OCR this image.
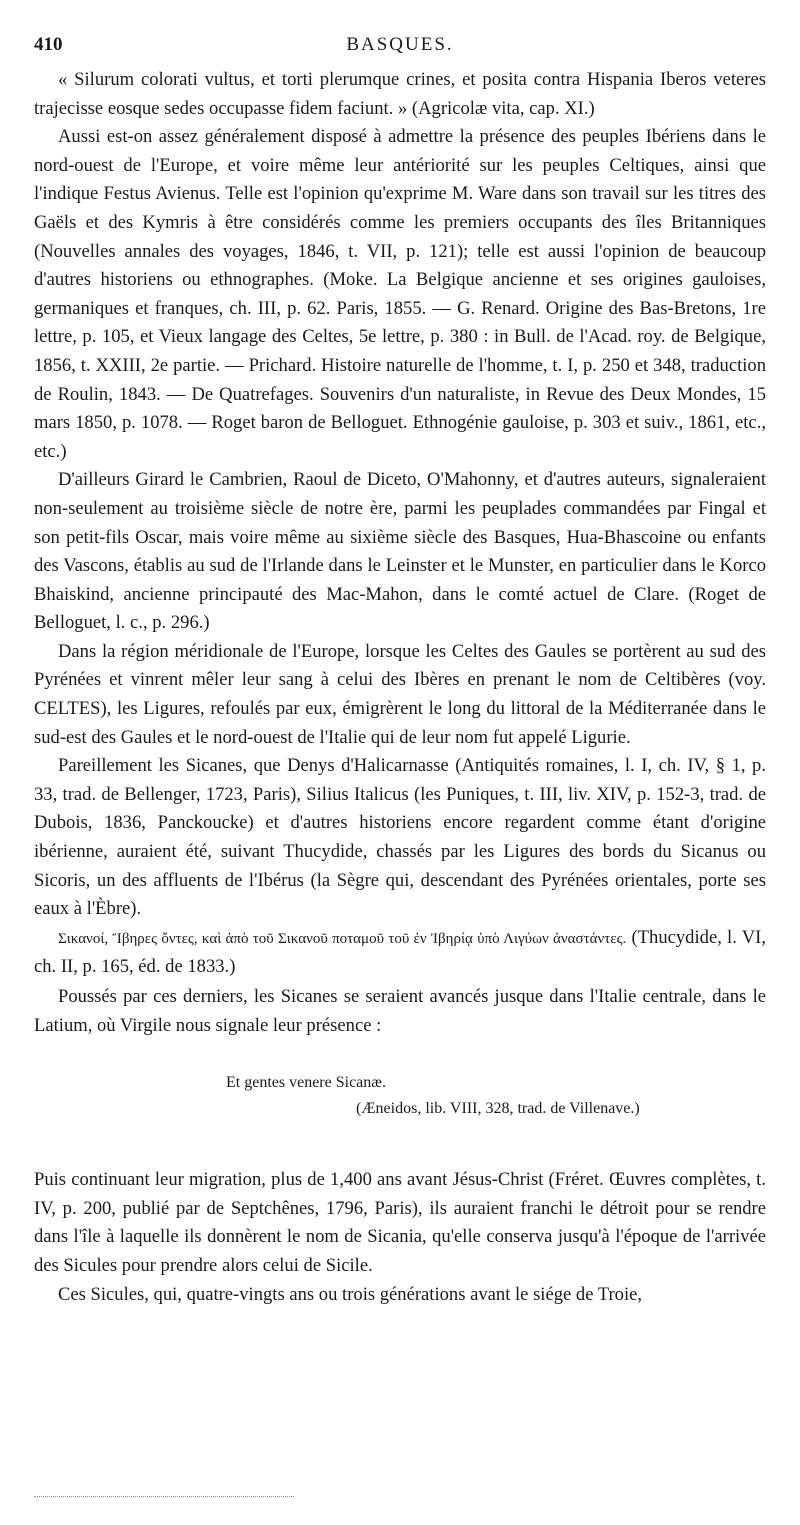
410	BASQUES.

« Silurum colorati vultus, et torti plerumque crines, et posita contra Hispania Iberos veteres trajecisse eosque sedes occupasse fidem faciunt. » (Agricolæ vita, cap. XI.)

Aussi est-on assez généralement disposé à admettre la présence des peuples Ibériens dans le nord-ouest de l'Europe, et voire même leur antériorité sur les peuples Celtiques, ainsi que l'indique Festus Avienus. Telle est l'opinion qu'exprime M. Ware dans son travail sur les titres des Gaëls et des Kymris à être considérés comme les premiers occupants des îles Britanniques (Nouvelles annales des voyages, 1846, t. VII, p. 121); telle est aussi l'opinion de beaucoup d'autres historiens ou ethnographes. (Moke. La Belgique ancienne et ses origines gauloises, germaniques et franques, ch. III, p. 62. Paris, 1855. — G. Renard. Origine des Bas-Bretons, 1re lettre, p. 105, et Vieux langage des Celtes, 5e lettre, p. 380 : in Bull. de l'Acad. roy. de Belgique, 1856, t. XXIII, 2e partie. — Prichard. Histoire naturelle de l'homme, t. I, p. 250 et 348, traduction de Roulin, 1843. — De Quatrefages. Souvenirs d'un naturaliste, in Revue des Deux Mondes, 15 mars 1850, p. 1078. — Roget baron de Belloguet. Ethnogénie gauloise, p. 303 et suiv., 1861, etc., etc.)

D'ailleurs Girard le Cambrien, Raoul de Diceto, O'Mahonny, et d'autres auteurs, signaleraient non-seulement au troisième siècle de notre ère, parmi les peuplades commandées par Fingal et son petit-fils Oscar, mais voire même au sixième siècle des Basques, Hua-Bhascoine ou enfants des Vascons, établis au sud de l'Irlande dans le Leinster et le Munster, en particulier dans le Korco Bhaiskind, ancienne principauté des Mac-Mahon, dans le comté actuel de Clare. (Roget de Belloguet, l. c., p. 296.)

Dans la région méridionale de l'Europe, lorsque les Celtes des Gaules se portèrent au sud des Pyrénées et vinrent mêler leur sang à celui des Ibères en prenant le nom de Celtibères (voy. CELTES), les Ligures, refoulés par eux, émigrèrent le long du littoral de la Méditerranée dans le sud-est des Gaules et le nord-ouest de l'Italie qui de leur nom fut appelé Ligurie.

Pareillement les Sicanes, que Denys d'Halicarnasse (Antiquités romaines, l. I, ch. IV, § 1, p. 33, trad. de Bellenger, 1723, Paris), Silius Italicus (les Puniques, t. III, liv. XIV, p. 152-3, trad. de Dubois, 1836, Panckoucke) et d'autres historiens encore regardent comme étant d'origine ibérienne, auraient été, suivant Thucydide, chassés par les Ligures des bords du Sicanus ou Sicoris, un des affluents de l'Ibérus (la Sègre qui, descendant des Pyrénées orientales, porte ses eaux à l'Èbre).

Σικανοί, Ἴβηρες ὄντες, καὶ ἀπὸ τοῦ Σικανοῦ ποταμοῦ τοῦ ἐν Ἰβηρίᾳ ὑπὸ Λιγύων ἀναστάντες. (Thucydide, l. VI, ch. II, p. 165, éd. de 1833.)

Poussés par ces derniers, les Sicanes se seraient avancés jusque dans l'Italie centrale, dans le Latium, où Virgile nous signale leur présence :

Et gentes venere Sicanæ.
(Æneidos, lib. VIII, 328, trad. de Villenave.)

Puis continuant leur migration, plus de 1,400 ans avant Jésus-Christ (Fréret. Œuvres complètes, t. IV, p. 200, publié par de Septchênes, 1796, Paris), ils auraient franchi le détroit pour se rendre dans l'île à laquelle ils donnèrent le nom de Sicania, qu'elle conserva jusqu'à l'époque de l'arrivée des Sicules pour prendre alors celui de Sicile.

Ces Sicules, qui, quatre-vingts ans ou trois générations avant le siége de Troie,
